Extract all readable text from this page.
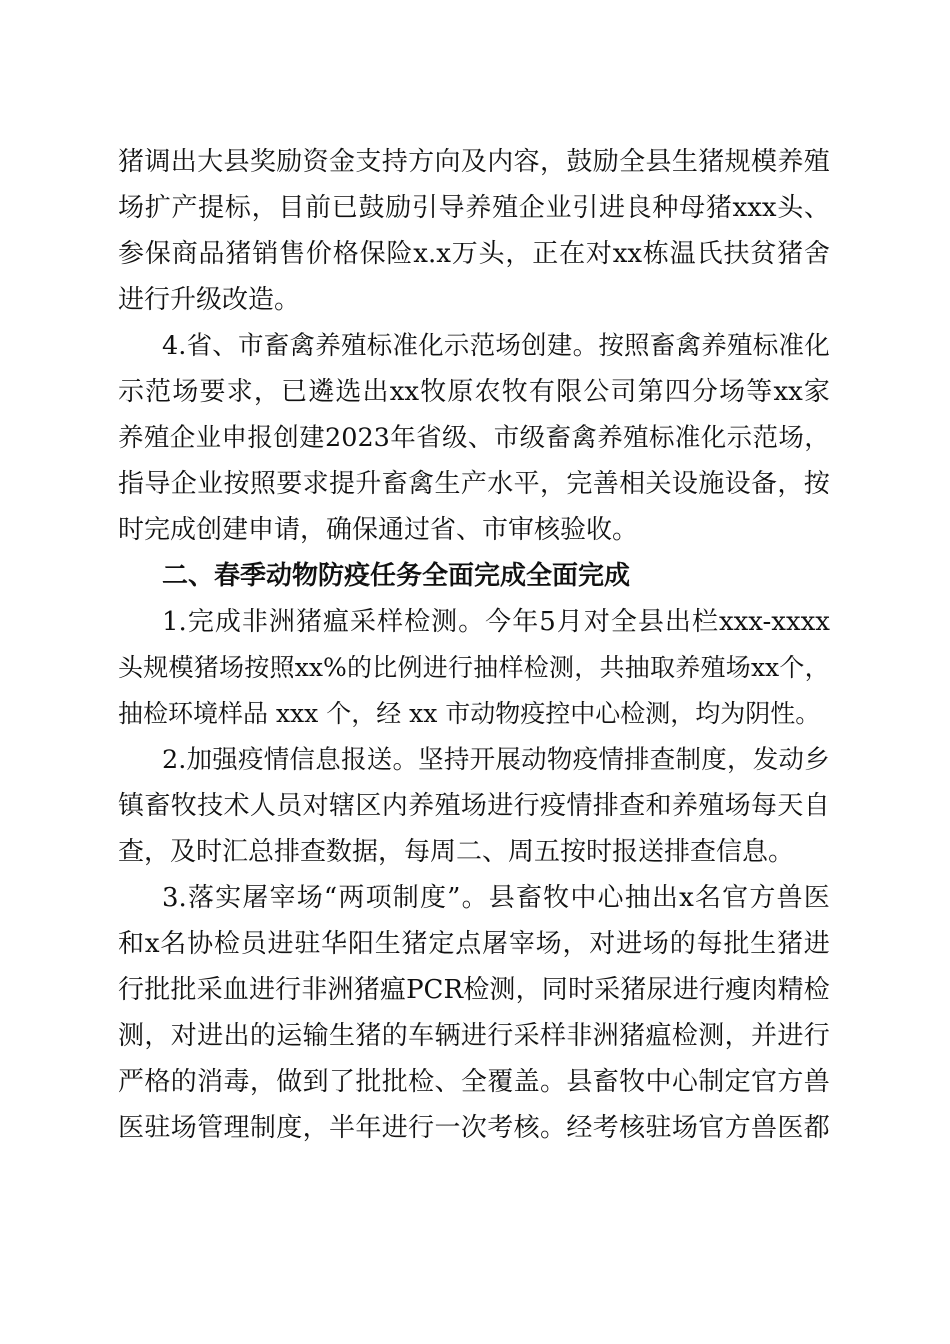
猪 调 出 大 县 奖 励 资 金 支 持 方 向 及 内 容 ， 鼓 励 全 县 生 猪 规 模 养 殖
场 扩 产 提 标 ， 目 前 已 鼓 励 引 导 养 殖 企 业 引 进 良 种 母 猪 xxx 头 、
参 保 商 品 猪 销 售 价 格 保 险 x.x 万 头 ， 正 在 对 xx 栋 温 氏 扶 贫 猪 舍
进行升级改造。
4. 省 、 市 畜 禽 养 殖 标 准 化 示 范 场 创 建 。 按 照 畜 禽 养 殖 标 准 化
示 范 场 要 求 ， 已 遴 选 出 xx 牧 原 农 牧 有 限 公 司 第 四 分 场 等 xx 家
养 殖 企 业 申 报 创 建 2023 年 省 级 、 市 级 畜 禽 养 殖 标 准 化 示 范 场 ，
指 导 企 业 按 照 要 求 提 升 畜 禽 生 产 水 平 ， 完 善 相 关 设 施 设 备 ， 按
时完成创建申请，确保通过省、市审核验收。
二、春季动物防疫任务全面完成全面完成
1. 完 成 非 洲 猪 瘟 采 样 检 测 。 今 年 5 月 对 全 县 出 栏 xxx-xxxx
头 规 模 猪 场 按 照 xx% 的 比 例 进 行 抽 样 检 测 ， 共 抽 取 养 殖 场 xx 个 ，
抽检环境样品 xxx 个，经 xx 市动物疫控中心检测，均为阴性。
2. 加 强 疫 情 信 息 报 送 。 坚 持 开 展 动 物 疫 情 排 查 制 度 ， 发 动 乡
镇 畜 牧 技 术 人 员 对 辖 区 内 养 殖 场 进 行 疫 情 排 查 和 养 殖 场 每 天 自
查，及时汇总排查数据，每周二、周五按时报送排查信息。
3. 落 实 屠 宰 场 “ 两 项 制 度 ” 。 县 畜 牧 中 心 抽 出 x 名 官 方 兽 医
和 x 名 协 检 员 进 驻 华 阳 生 猪 定 点 屠 宰 场 ， 对 进 场 的 每 批 生 猪 进
行 批 批 采 血 进 行 非 洲 猪 瘟 PCR 检 测 ， 同 时 采 猪 尿 进 行 瘦 肉 精 检
测 ， 对 进 出 的 运 输 生 猪 的 车 辆 进 行 采 样 非 洲 猪 瘟 检 测 ， 并 进 行
严 格 的 消 毒 ， 做 到 了 批 批 检 、 全 覆 盖 。 县 畜 牧 中 心 制 定 官 方 兽
医 驻 场 管 理 制 度 ， 半 年 进 行 一 次 考 核 。 经 考 核 驻 场 官 方 兽 医 都
